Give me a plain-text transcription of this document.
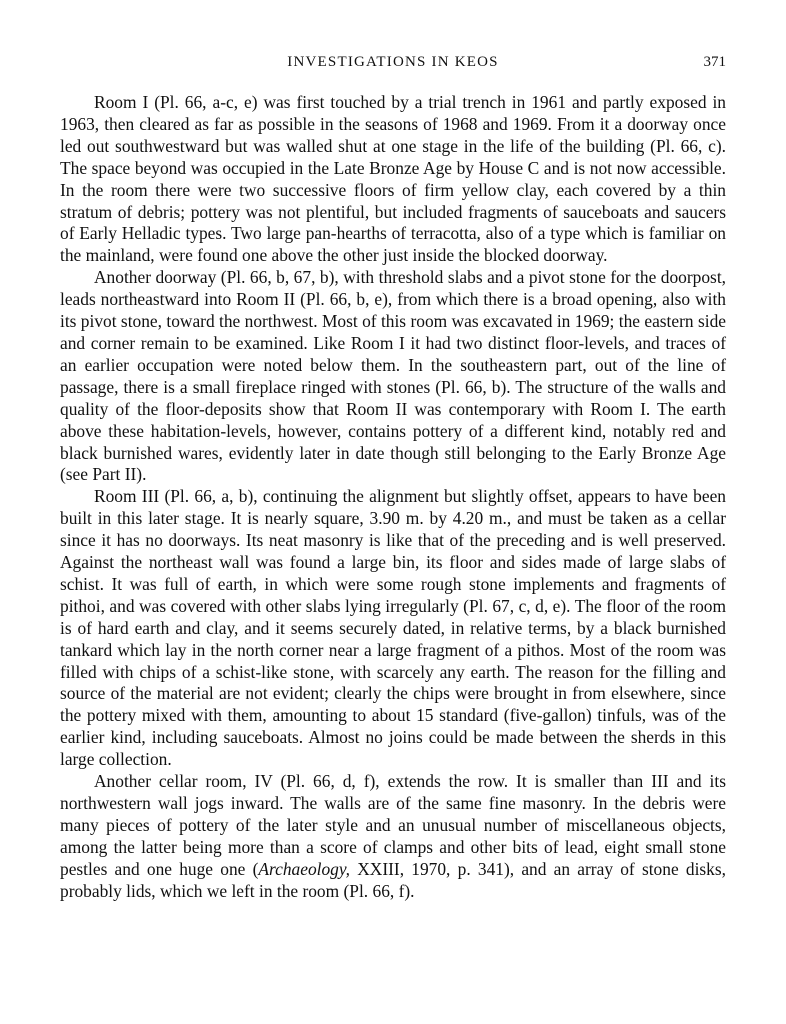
INVESTIGATIONS IN KEOS	371

Room I (Pl. 66, a-c, e) was first touched by a trial trench in 1961 and partly exposed in 1963, then cleared as far as possible in the seasons of 1968 and 1969. From it a doorway once led out southwestward but was walled shut at one stage in the life of the building (Pl. 66, c). The space beyond was occupied in the Late Bronze Age by House C and is not now accessible. In the room there were two successive floors of firm yellow clay, each covered by a thin stratum of debris; pottery was not plentiful, but included fragments of sauceboats and saucers of Early Helladic types. Two large pan-hearths of terracotta, also of a type which is familiar on the mainland, were found one above the other just inside the blocked doorway.

Another doorway (Pl. 66, b, 67, b), with threshold slabs and a pivot stone for the doorpost, leads northeastward into Room II (Pl. 66, b, e), from which there is a broad opening, also with its pivot stone, toward the northwest. Most of this room was excavated in 1969; the eastern side and corner remain to be examined. Like Room I it had two distinct floor-levels, and traces of an earlier occupation were noted below them. In the southeastern part, out of the line of passage, there is a small fireplace ringed with stones (Pl. 66, b). The structure of the walls and quality of the floor-deposits show that Room II was contemporary with Room I. The earth above these habitation-levels, however, contains pottery of a different kind, notably red and black burnished wares, evidently later in date though still belonging to the Early Bronze Age (see Part II).

Room III (Pl. 66, a, b), continuing the alignment but slightly offset, appears to have been built in this later stage. It is nearly square, 3.90 m. by 4.20 m., and must be taken as a cellar since it has no doorways. Its neat masonry is like that of the preceding and is well preserved. Against the northeast wall was found a large bin, its floor and sides made of large slabs of schist. It was full of earth, in which were some rough stone implements and fragments of pithoi, and was covered with other slabs lying irregularly (Pl. 67, c, d, e). The floor of the room is of hard earth and clay, and it seems securely dated, in relative terms, by a black burnished tankard which lay in the north corner near a large fragment of a pithos. Most of the room was filled with chips of a schist-like stone, with scarcely any earth. The reason for the filling and source of the material are not evident; clearly the chips were brought in from elsewhere, since the pottery mixed with them, amounting to about 15 standard (five-gallon) tinfuls, was of the earlier kind, including sauceboats. Almost no joins could be made between the sherds in this large collection.

Another cellar room, IV (Pl. 66, d, f), extends the row. It is smaller than III and its northwestern wall jogs inward. The walls are of the same fine masonry. In the debris were many pieces of pottery of the later style and an unusual number of miscellaneous objects, among the latter being more than a score of clamps and other bits of lead, eight small stone pestles and one huge one (Archaeology, XXIII, 1970, p. 341), and an array of stone disks, probably lids, which we left in the room (Pl. 66, f).
